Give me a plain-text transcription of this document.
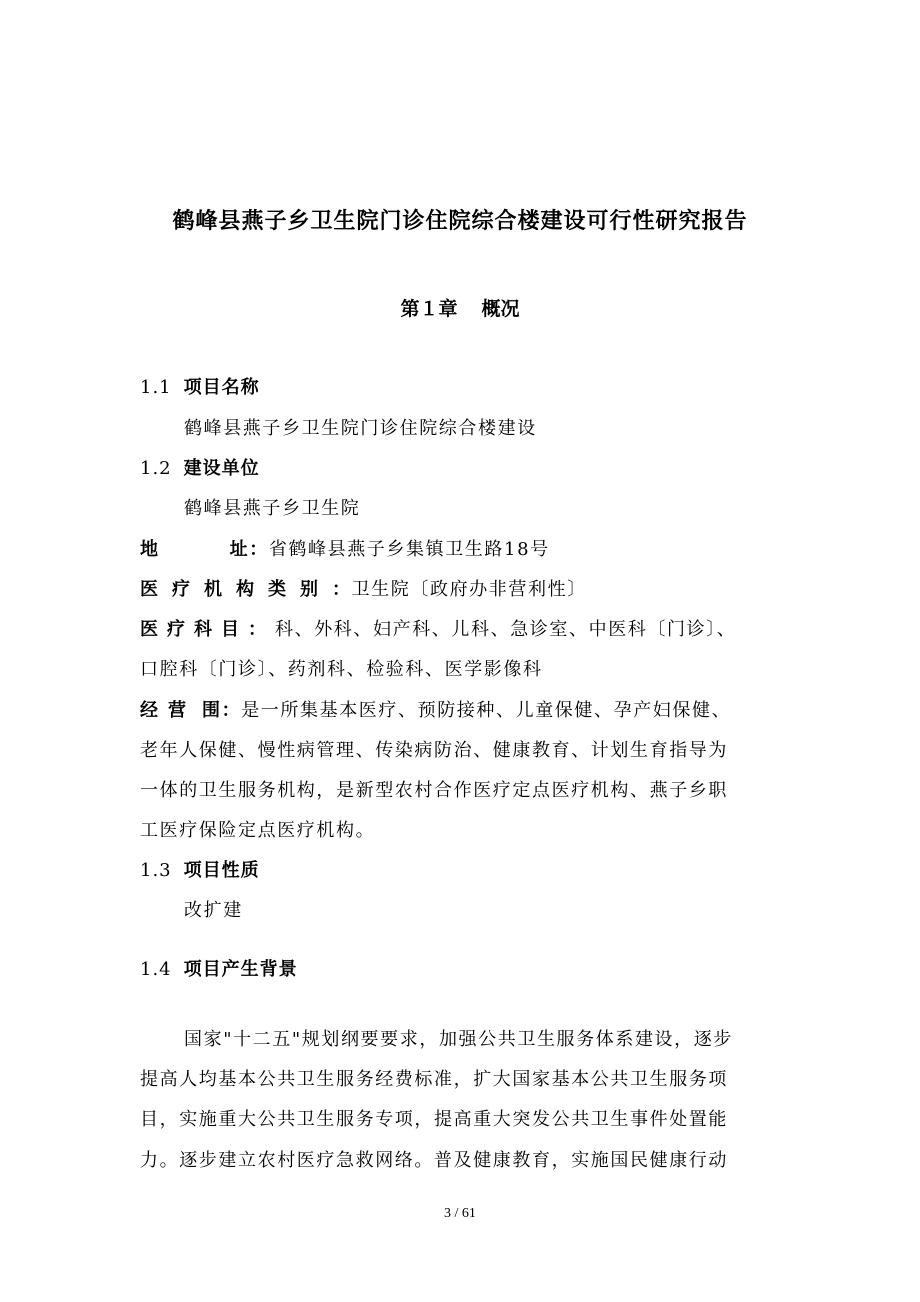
鹤峰县燕子乡卫生院门诊住院综合楼建设可行性研究报告
第１章 概况
1.1 项目名称
鹤峰县燕子乡卫生院门诊住院综合楼建设
1.2 建设单位
鹤峰县燕子乡卫生院
地	址：省鹤峰县燕子乡集镇卫生路18号
医疗机构类别：卫生院〔政府办非营利性〕
医疗科目：科、外科、妇产科、儿科、急诊室、中医科〔门诊〕、
口腔科〔门诊〕、药剂科、检验科、医学影像科
经营 围：是一所集基本医疗、预防接种、儿童保健、孕产妇保健、
老年人保健、慢性病管理、传染病防治、健康教育、计划生育指导为
一体的卫生服务机构，是新型农村合作医疗定点医疗机构、燕子乡职
工医疗保险定点医疗机构。
1.3 项目性质
改扩建
1.4 项目产生背景
国家"十二五"规划纲要要求，加强公共卫生服务体系建设，逐步
提高人均基本公共卫生服务经费标准，扩大国家基本公共卫生服务项
目，实施重大公共卫生服务专项，提高重大突发公共卫生事件处置能
力。逐步建立农村医疗急救网络。普及健康教育，实施国民健康行动
3 / 61
